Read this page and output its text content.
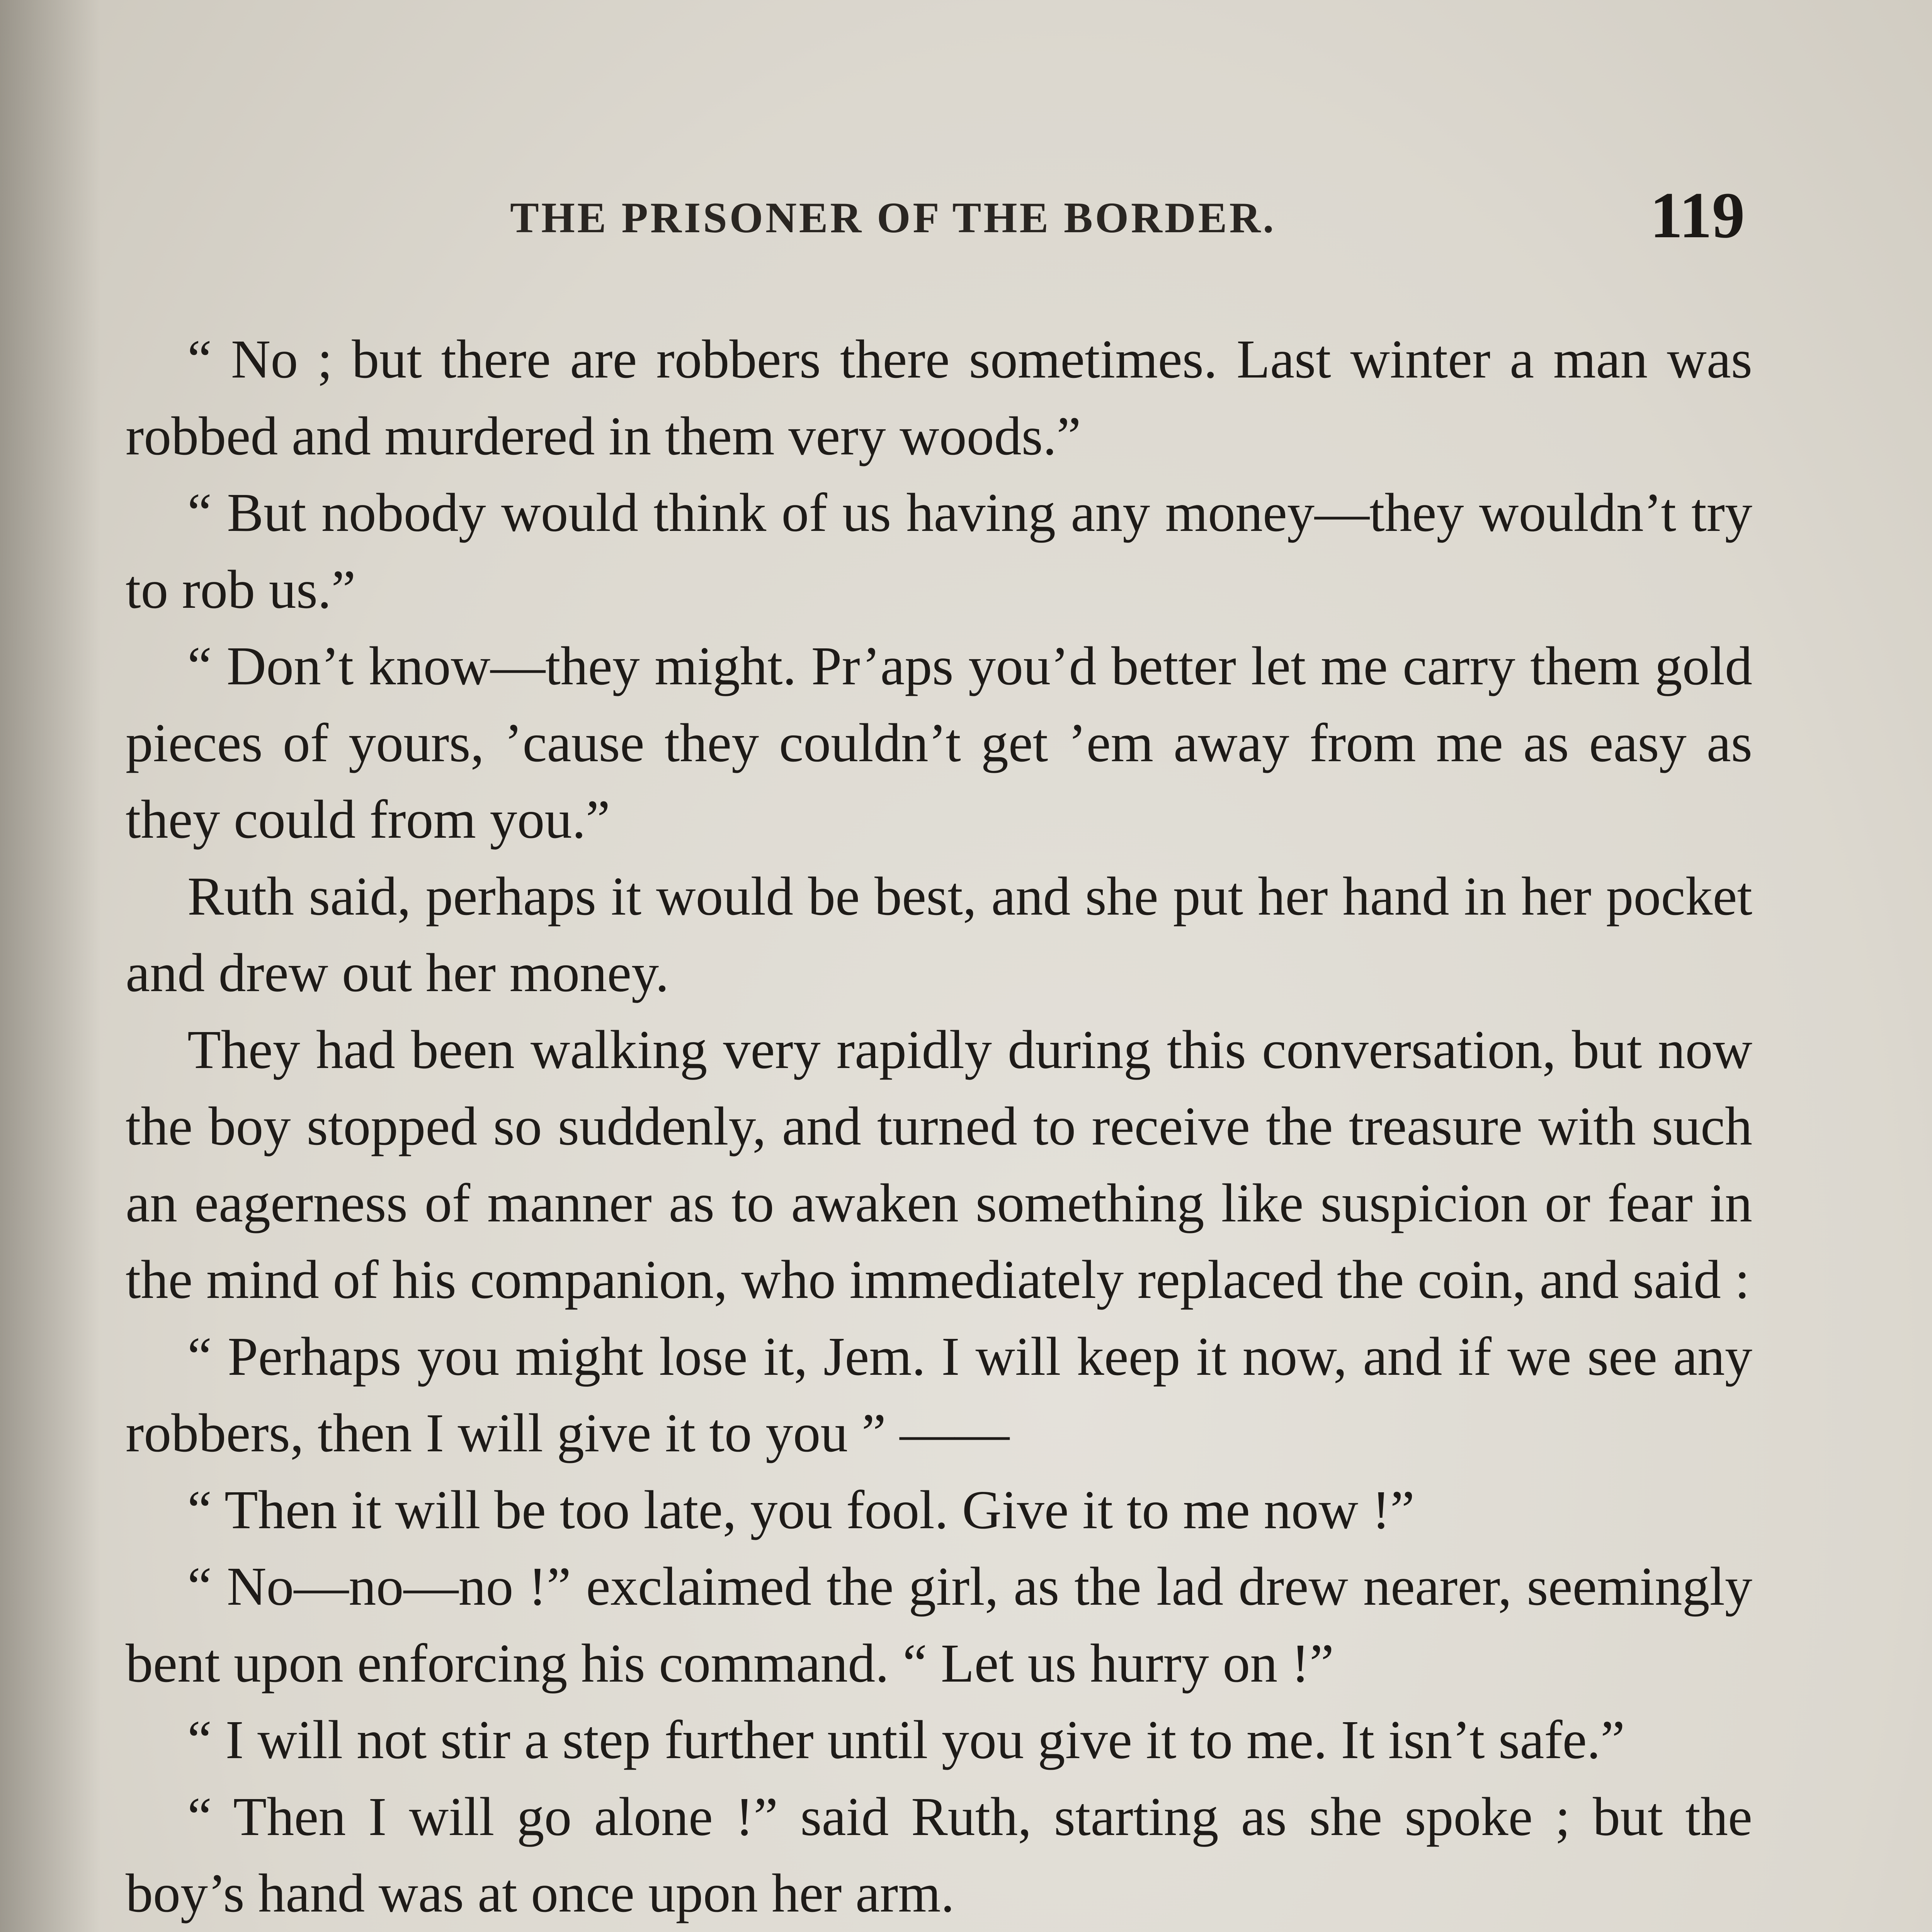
THE PRISONER OF THE BORDER.	119

“ No ; but there are robbers there sometimes. Last winter a man was robbed and murdered in them very woods.”

“ But nobody would think of us having any money—they wouldn’t try to rob us.”

“ Don’t know—they might. Pr’aps you’d better let me carry them gold pieces of yours, ’cause they couldn’t get ’em away from me as easy as they could from you.”

Ruth said, perhaps it would be best, and she put her hand in her pocket and drew out her money.

They had been walking very rapidly during this conversation, but now the boy stopped so suddenly, and turned to receive the treasure with such an eagerness of manner as to awaken something like suspicion or fear in the mind of his companion, who immediately replaced the coin, and said :

“ Perhaps you might lose it, Jem. I will keep it now, and if we see any robbers, then I will give it to you ” ——

“ Then it will be too late, you fool. Give it to me now !”

“ No—no—no !” exclaimed the girl, as the lad drew nearer, seemingly bent upon enforcing his command. “ Let us hurry on !”

“ I will not stir a step further until you give it to me. It isn’t safe.”

“ Then I will go alone !” said Ruth, starting as she spoke ; but the boy’s hand was at once upon her arm.
